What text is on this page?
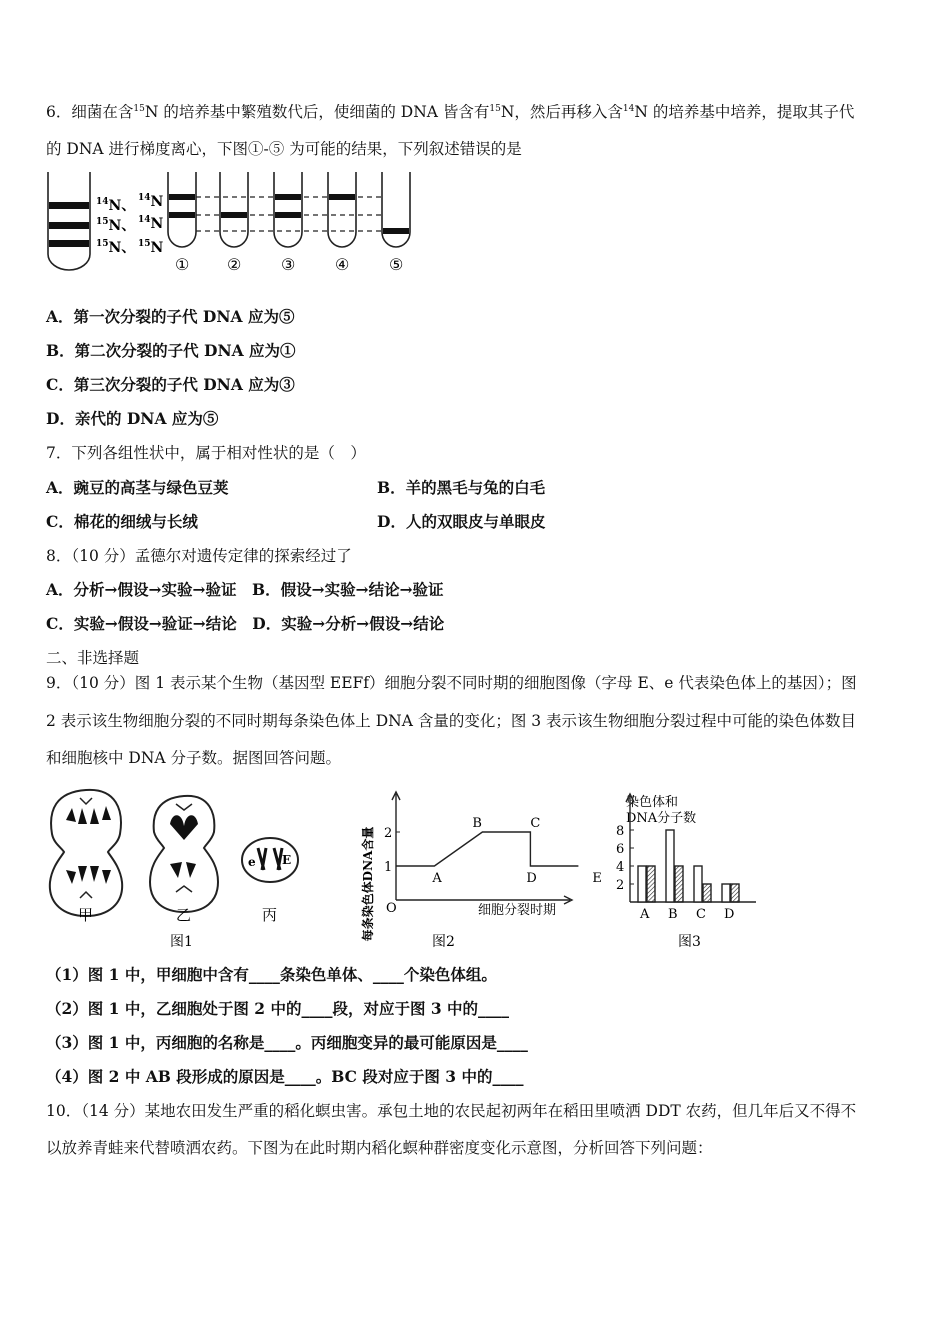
6．细菌在含$^{15}$N 的培养基中繁殖数代后，使细菌的 DNA 皆含有$^{15}$N，然后再移入含$^{14}$N 的培养基中培养，提取其子代
的 DNA 进行梯度离心，下图①-⑤ 为可能的结果，下列叙述错误的是
$^{14}$N、
$^{15}$N、
$^{15}$N、
$^{14}$N
$^{14}$N
$^{15}$N
① ② ③ ④ ⑤
A．第一次分裂的子代 DNA 应为⑤
B．第二次分裂的子代 DNA 应为①
C．第三次分裂的子代 DNA 应为③
D．亲代的 DNA 应为⑤
7．下列各组性状中，属于相对性状的是（　）
A．豌豆的高茎与绿色豆荚	B．羊的黑毛与兔的白毛
C．棉花的细绒与长绒	D．人的双眼皮与单眼皮
8．（10 分）孟德尔对遗传定律的探索经过了
A．分析→假设→实验→验证　B．假设→实验→结论→验证
C．实验→假设→验证→结论　D．实验→分析→假设→结论
二、非选择题
9．（10 分）图 1 表示某个生物（基因型 EEFf）细胞分裂不同时期的细胞图像（字母 E、e 代表染色体上的基因）；图
2 表示该生物细胞分裂的不同时期每条染色体上 DNA 含量的变化；图 3 表示该生物细胞分裂过程中可能的染色体数目
和细胞核中 DNA 分子数。据图回答问题。
e E
甲	乙	丙
图1
每条染色体DNA含量	细胞分裂时期
O
图2
1
2
A
B	C
D	E
染色体和
DNA分子数
图3
2
4
6
8
A B C D
（1）图 1 中，甲细胞中含有____条染色单体、____个染色体组。
（2）图 1 中，乙细胞处于图 2 中的____段，对应于图 3 中的____
（3）图 1 中，丙细胞的名称是____。丙细胞变异的最可能原因是____
（4）图 2 中 AB 段形成的原因是____。BC 段对应于图 3 中的____
10．（14 分）某地农田发生严重的稻化螟虫害。承包土地的农民起初两年在稻田里喷洒 DDT 农药，但几年后又不得不
以放养青蛙来代替喷洒农药。下图为在此时期内稻化螟种群密度变化示意图，分析回答下列问题：
